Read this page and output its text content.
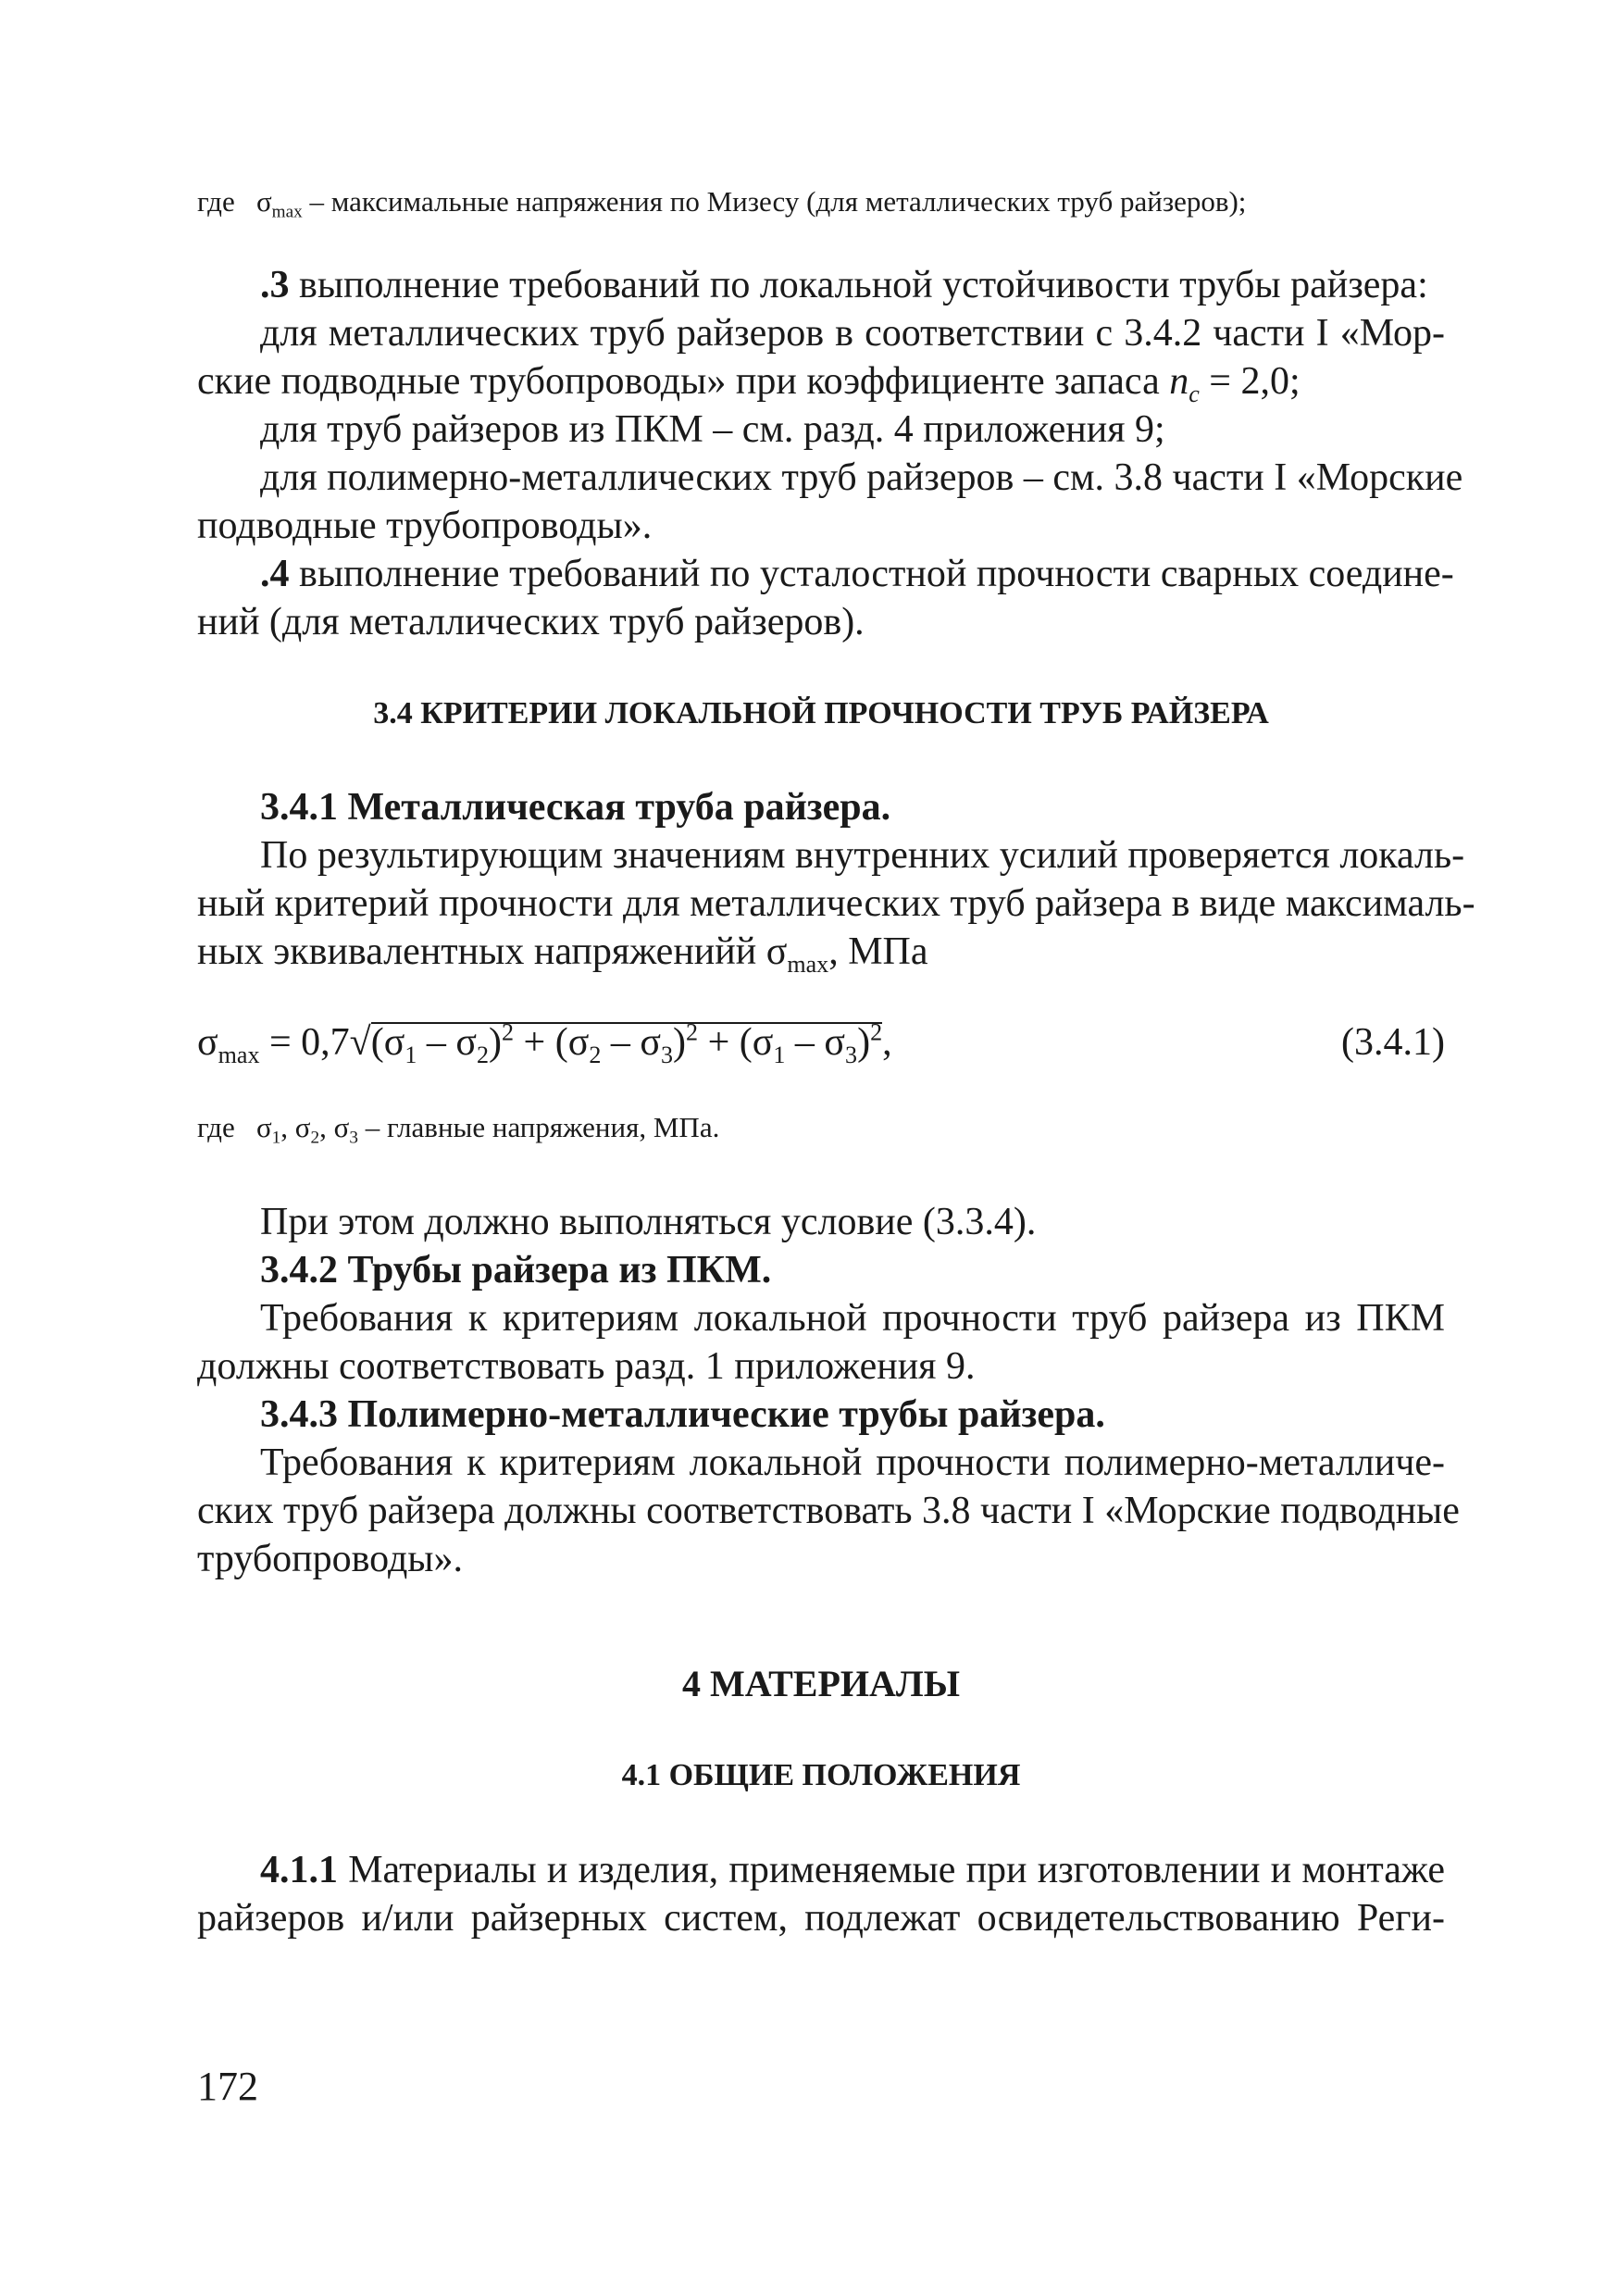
где $\sigma_{max}$ – максимальные напряжения по Мизесу (для металлических труб райзеров);
.3 выполнение требований по локальной устойчивости трубы райзера:
для металлических труб райзеров в соответствии с 3.4.2 части I «Мор-
ские подводные трубопроводы» при коэффициенте запаса $n_c = 2,0$;
для труб райзеров из ПКМ – см. разд. 4 приложения 9;
для полимерно-металлических труб райзеров – см. 3.8 части I «Морские
подводные трубопроводы».
.4 выполнение требований по усталостной прочности сварных соедине-
ний (для металлических труб райзеров).
3.4 КРИТЕРИИ ЛОКАЛЬНОЙ ПРОЧНОСТИ ТРУБ РАЙЗЕРА
3.4.1 Металлическая труба райзера.
По результирующим значениям внутренних усилий проверяется локаль-
ный критерий прочности для металлических труб райзера в виде максималь-
ных эквивалентных напряженийй $\sigma_{max}$, МПа
$\sigma_{max} = 0,7√$
$(\sigma_1 - \sigma_2)^2 + (\sigma_2 - \sigma_3)^2 + (\sigma_1 - \sigma_3)^2$,	(3.4.1)
где $\sigma_1$, $\sigma_2$, $\sigma_3$ – главные напряжения, МПа.
При этом должно выполняться условие (3.3.4).
3.4.2 Трубы райзера из ПКМ.
Требования к критериям локальной прочности труб райзера из ПКМ
должны соответствовать разд. 1 приложения 9.
3.4.3 Полимерно-металлические трубы райзера.
Требования к критериям локальной прочности полимерно-металличе-
ских труб райзера должны соответствовать 3.8 части I «Морские подводные
трубопроводы».
4 МАТЕРИАЛЫ
4.1 ОБЩИЕ ПОЛОЖЕНИЯ
4.1.1 Материалы и изделия, применяемые при изготовлении и монтаже
райзеров и/или райзерных систем, подлежат освидетельствованию Реги-
172
